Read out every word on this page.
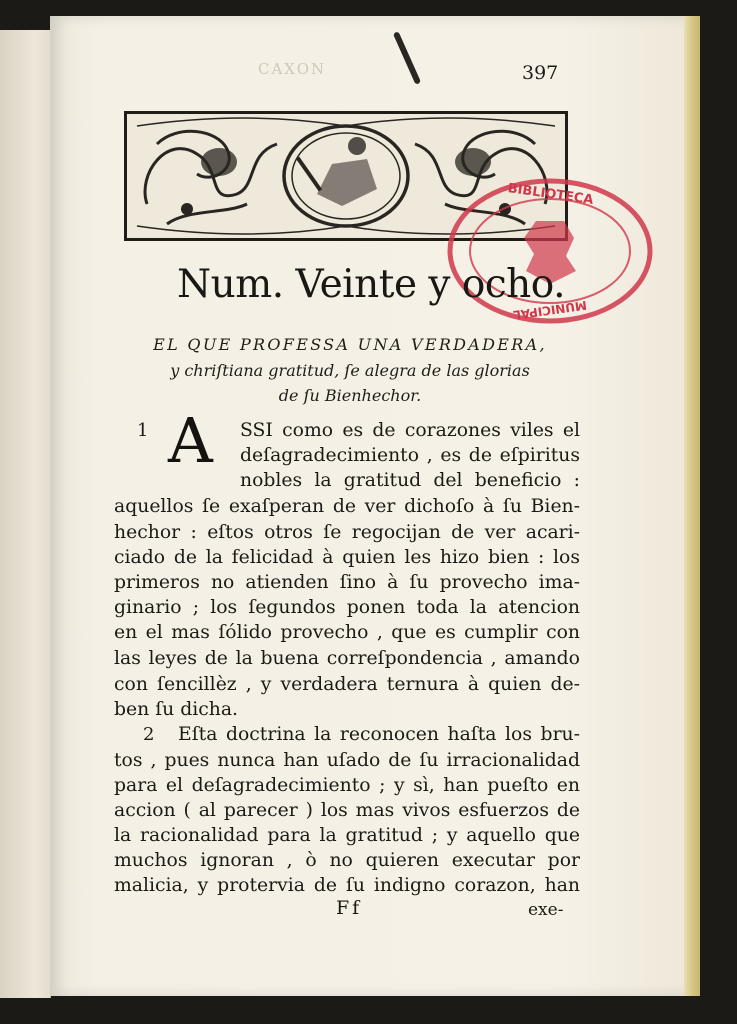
CAXON	397
BIBLIOTECA
MUNICIPAL
Num. Veinte y ocho.
EL QUE PROFESSA UNA VERDADERA,
y chriſtiana gratitud, ſe alegra de las glorias
de ſu Bienhechor.
1 A SSI como es de corazones viles el
deſagradecimiento , es de eſpiritus
nobles la gratitud del beneficio :
aquellos ſe exaſperan de ver dichoſo à ſu Bien-
hechor : eſtos otros ſe regocijan de ver acari-
ciado de la felicidad à quien les hizo bien : los
primeros no atienden ſino à ſu provecho ima-
ginario ; los ſegundos ponen toda la atencion
en el mas ſólido provecho , que es cumplir con
las leyes de la buena correſpondencia , amando
con ſencillèz , y verdadera ternura à quien de-
ben ſu dicha.
2 Eſta doctrina la reconocen haſta los bru-
tos , pues nunca han uſado de ſu irracionalidad
para el deſagradecimiento ; y sì, han pueſto en
accion ( al parecer ) los mas vivos esfuerzos de
la racionalidad para la gratitud ; y aquello que
muchos ignoran , ò no quieren executar por
malicia, y protervia de ſu indigno corazon, han
Ff	exe-
